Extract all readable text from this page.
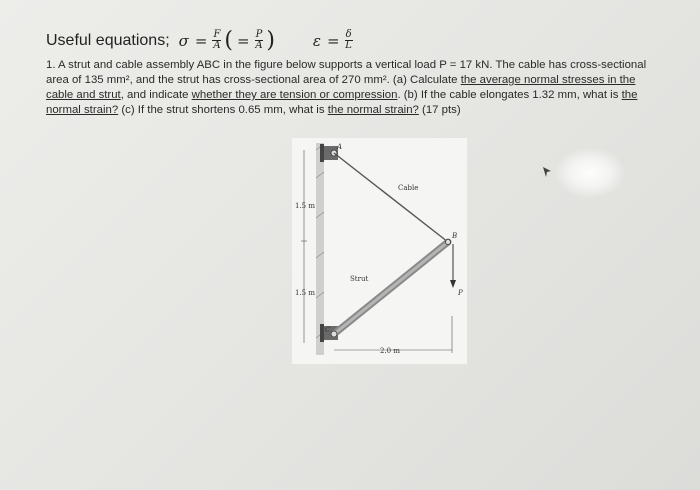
Useful equations; $\sigma = \frac{F}{A}$ ( = $\frac{P}{A}$ )	$\varepsilon = \frac{\delta}{L}$
1. A strut and cable assembly ABC in the figure below supports a vertical load P = 17 kN. The cable has cross-sectional area of 135 mm², and the strut has cross-sectional area of 270 mm². (a) Calculate the average normal stresses in the cable and strut, and indicate whether they are tension or compression. (b) If the cable elongates 1.32 mm, what is the normal strain? (c) If the strut shortens 0.65 mm, what is the normal strain? (17 pts)
A
B
C
Cable
Strut
P
1.5 m
1.5 m
2.0 m
